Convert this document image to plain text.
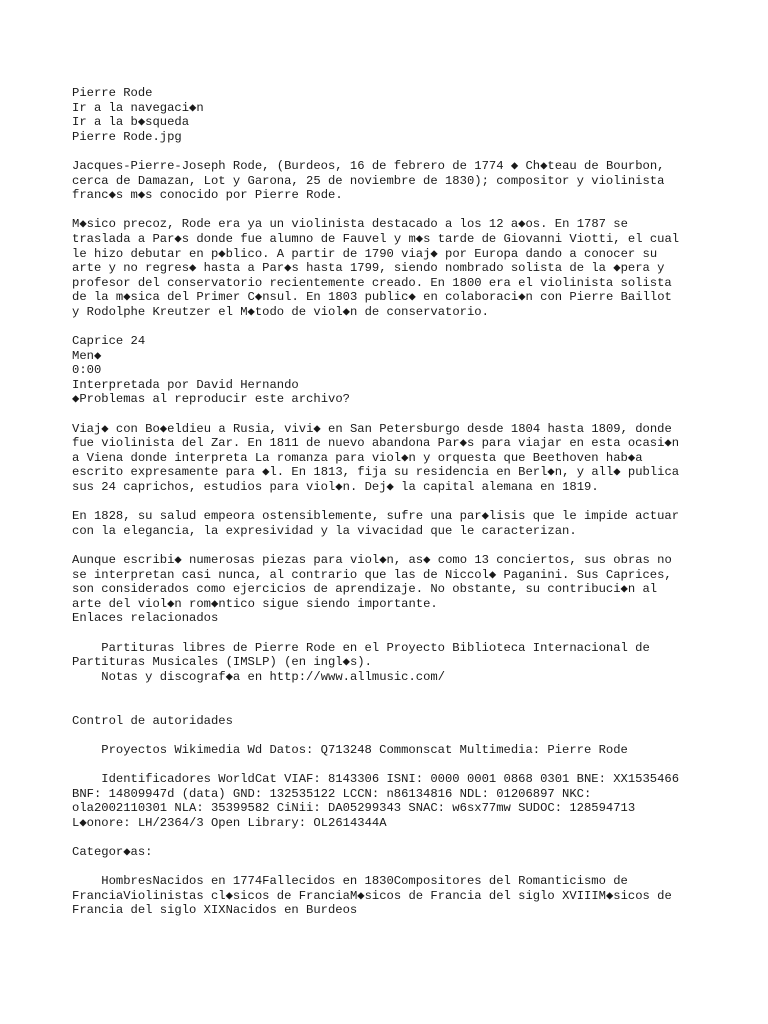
Pierre Rode
Ir a la navegaci◆n
Ir a la b◆squeda
Pierre Rode.jpg
Jacques-Pierre-Joseph Rode, (Burdeos, 16 de febrero de 1774 ◆ Ch◆teau de Bourbon,
cerca de Damazan, Lot y Garona, 25 de noviembre de 1830); compositor y violinista
franc◆s m◆s conocido por Pierre Rode.
M◆sico precoz, Rode era ya un violinista destacado a los 12 a◆os. En 1787 se
traslada a Par◆s donde fue alumno de Fauvel y m◆s tarde de Giovanni Viotti, el cual
le hizo debutar en p◆blico. A partir de 1790 viaj◆ por Europa dando a conocer su
arte y no regres◆ hasta a Par◆s hasta 1799, siendo nombrado solista de la ◆pera y
profesor del conservatorio recientemente creado. En 1800 era el violinista solista
de la m◆sica del Primer C◆nsul. En 1803 public◆ en colaboraci◆n con Pierre Baillot
y Rodolphe Kreutzer el M◆todo de viol◆n de conservatorio.
Caprice 24
Men◆
0:00
Interpretada por David Hernando
◆Problemas al reproducir este archivo?
Viaj◆ con Bo◆eldieu a Rusia, vivi◆ en San Petersburgo desde 1804 hasta 1809, donde
fue violinista del Zar. En 1811 de nuevo abandona Par◆s para viajar en esta ocasi◆n
a Viena donde interpreta La romanza para viol◆n y orquesta que Beethoven hab◆a
escrito expresamente para ◆l. En 1813, fija su residencia en Berl◆n, y all◆ publica
sus 24 caprichos, estudios para viol◆n. Dej◆ la capital alemana en 1819.
En 1828, su salud empeora ostensiblemente, sufre una par◆lisis que le impide actuar
con la elegancia, la expresividad y la vivacidad que le caracterizan.
Aunque escribi◆ numerosas piezas para viol◆n, as◆ como 13 conciertos, sus obras no
se interpretan casi nunca, al contrario que las de Niccol◆ Paganini. Sus Caprices,
son considerados como ejercicios de aprendizaje. No obstante, su contribuci◆n al
arte del viol◆n rom◆ntico sigue siendo importante.
Enlaces relacionados
Partituras libres de Pierre Rode en el Proyecto Biblioteca Internacional de
Partituras Musicales (IMSLP) (en ingl◆s).
Notas y discograf◆a en http://www.allmusic.com/
Control de autoridades
Proyectos Wikimedia Wd Datos: Q713248 Commonscat Multimedia: Pierre Rode
Identificadores WorldCat VIAF: 8143306 ISNI: 0000 0001 0868 0301 BNE: XX1535466
BNF: 14809947d (data) GND: 132535122 LCCN: n86134816 NDL: 01206897 NKC:
ola2002110301 NLA: 35399582 CiNii: DA05299343 SNAC: w6sx77mw SUDOC: 128594713
L◆onore: LH/2364/3 Open Library: OL2614344A
Categor◆as:
HombresNacidos en 1774Fallecidos en 1830Compositores del Romanticismo de
FranciaViolinistas cl◆sicos de FranciaM◆sicos de Francia del siglo XVIIIM◆sicos de
Francia del siglo XIXNacidos en Burdeos
